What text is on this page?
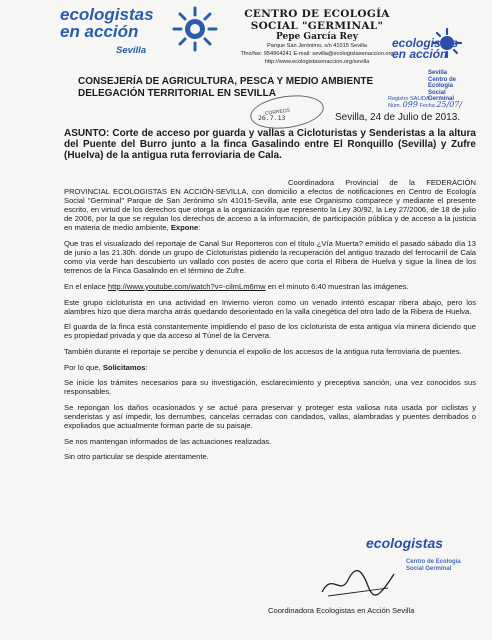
ecologistas
en acción
Sevilla
CENTRO DE ECOLOGÍA SOCIAL "GERMINAL"
Pepe García Rey
Parque San Jerónimo, s/n 41015 Sevilla
Tfno/fax: 954964241 E-mail: sevilla@ecologistasenaccion.org
http://www.ecologistasenaccion.org/sevilla
ecologistas
en acción
Sevilla
Centro de Ecología
Social Germinal
Registro SALIDA
Núm. 099 Fecha 25/07/
CONSEJERÍA DE AGRICULTURA, PESCA Y MEDIO AMBIENTE
DELEGACIÓN TERRITORIAL EN SEVILLA
CORREOS
26.7.13	Sevilla, 24 de Julio de 2013.
ASUNTO: Corte de acceso por guarda y vallas a Cicloturistas y Senderistas a la altura del Puente del Burro junto a la finca Gasalindo entre El Ronquillo (Sevilla) y Zufre (Huelva) de la antigua ruta ferroviaria de Cala.

Coordinadora Provincial de la FEDERACIÓN PROVINCIAL ECOLOGISTAS EN ACCIÓN-SEVILLA, con domicilio a efectos de notificaciones en Centro de Ecología Social "Germinal" Parque de San Jerónimo s/n 41015-Sevilla, ante ese Organismo comparece y mediante el presente escrito, en virtud de los derechos que otorga a la organización que represento la Ley 30/92, la Ley 27/2006, de 18 de julio de 2006, por la que se regulan los derechos de acceso a la información, de participación pública y de acceso a la justicia en materia de medio ambiente, Expone:

Que tras el visualizado del reportaje de Canal Sur Reporteros con el título ¿Vía Muerta? emitido el pasado sábado día 13 de junio a las 21.30h. donde un grupo de Cicloturistas pidiendo la recuperación del antiguo trazado del ferrocarril de Cala como vía verde han descubierto un vallado con postes de acero que corta el Ribera de Huelva y sigue la línea de los terrenos de la Finca Gasalindo en el término de Zufre.

En el enlace http://www.youtube.com/watch?v=-cilmLm6mw en el minuto 6:40 muestran las imágenes.

Este grupo cicloturista en una actividad en Invierno vieron como un venado intentó escapar ribera abajo, pero los alambres hizo que diera marcha atrás quedando desorientado en la valla cinegética del otro lado de la Ribera de Huelva.

El guarda de la finca está constantemente impidiendo el paso de los cicloturista de esta antigua vía minera diciendo que es propiedad privada y que da acceso al Túnel de la Cervera.

También durante el reportaje se percibe y denuncia el expolio de los accesos de la antigua ruta ferroviaria de puentes.

Por lo que, Solicitamos:

Se inicie los trámites necesarios para su investigación, esclarecimiento y preceptiva sanción, una vez conocidos sus responsables.

Se repongan los daños ocasionados y se actué para preservar y proteger esta valiosa ruta usada por ciclistas y senderistas y así impedir, los derrumbes, cancelas cerradas con candados, vallas, alambradas y puentes derribados o expoliados que actualmente forman parte de su paisaje.

Se nos mantengan informados de las actuaciones realizadas.

Sin otro particular se despide atentamente.

ecologistas
Centro de Ecología
Social Germinal
Coordinadora Ecologistas en Acción Sevilla
